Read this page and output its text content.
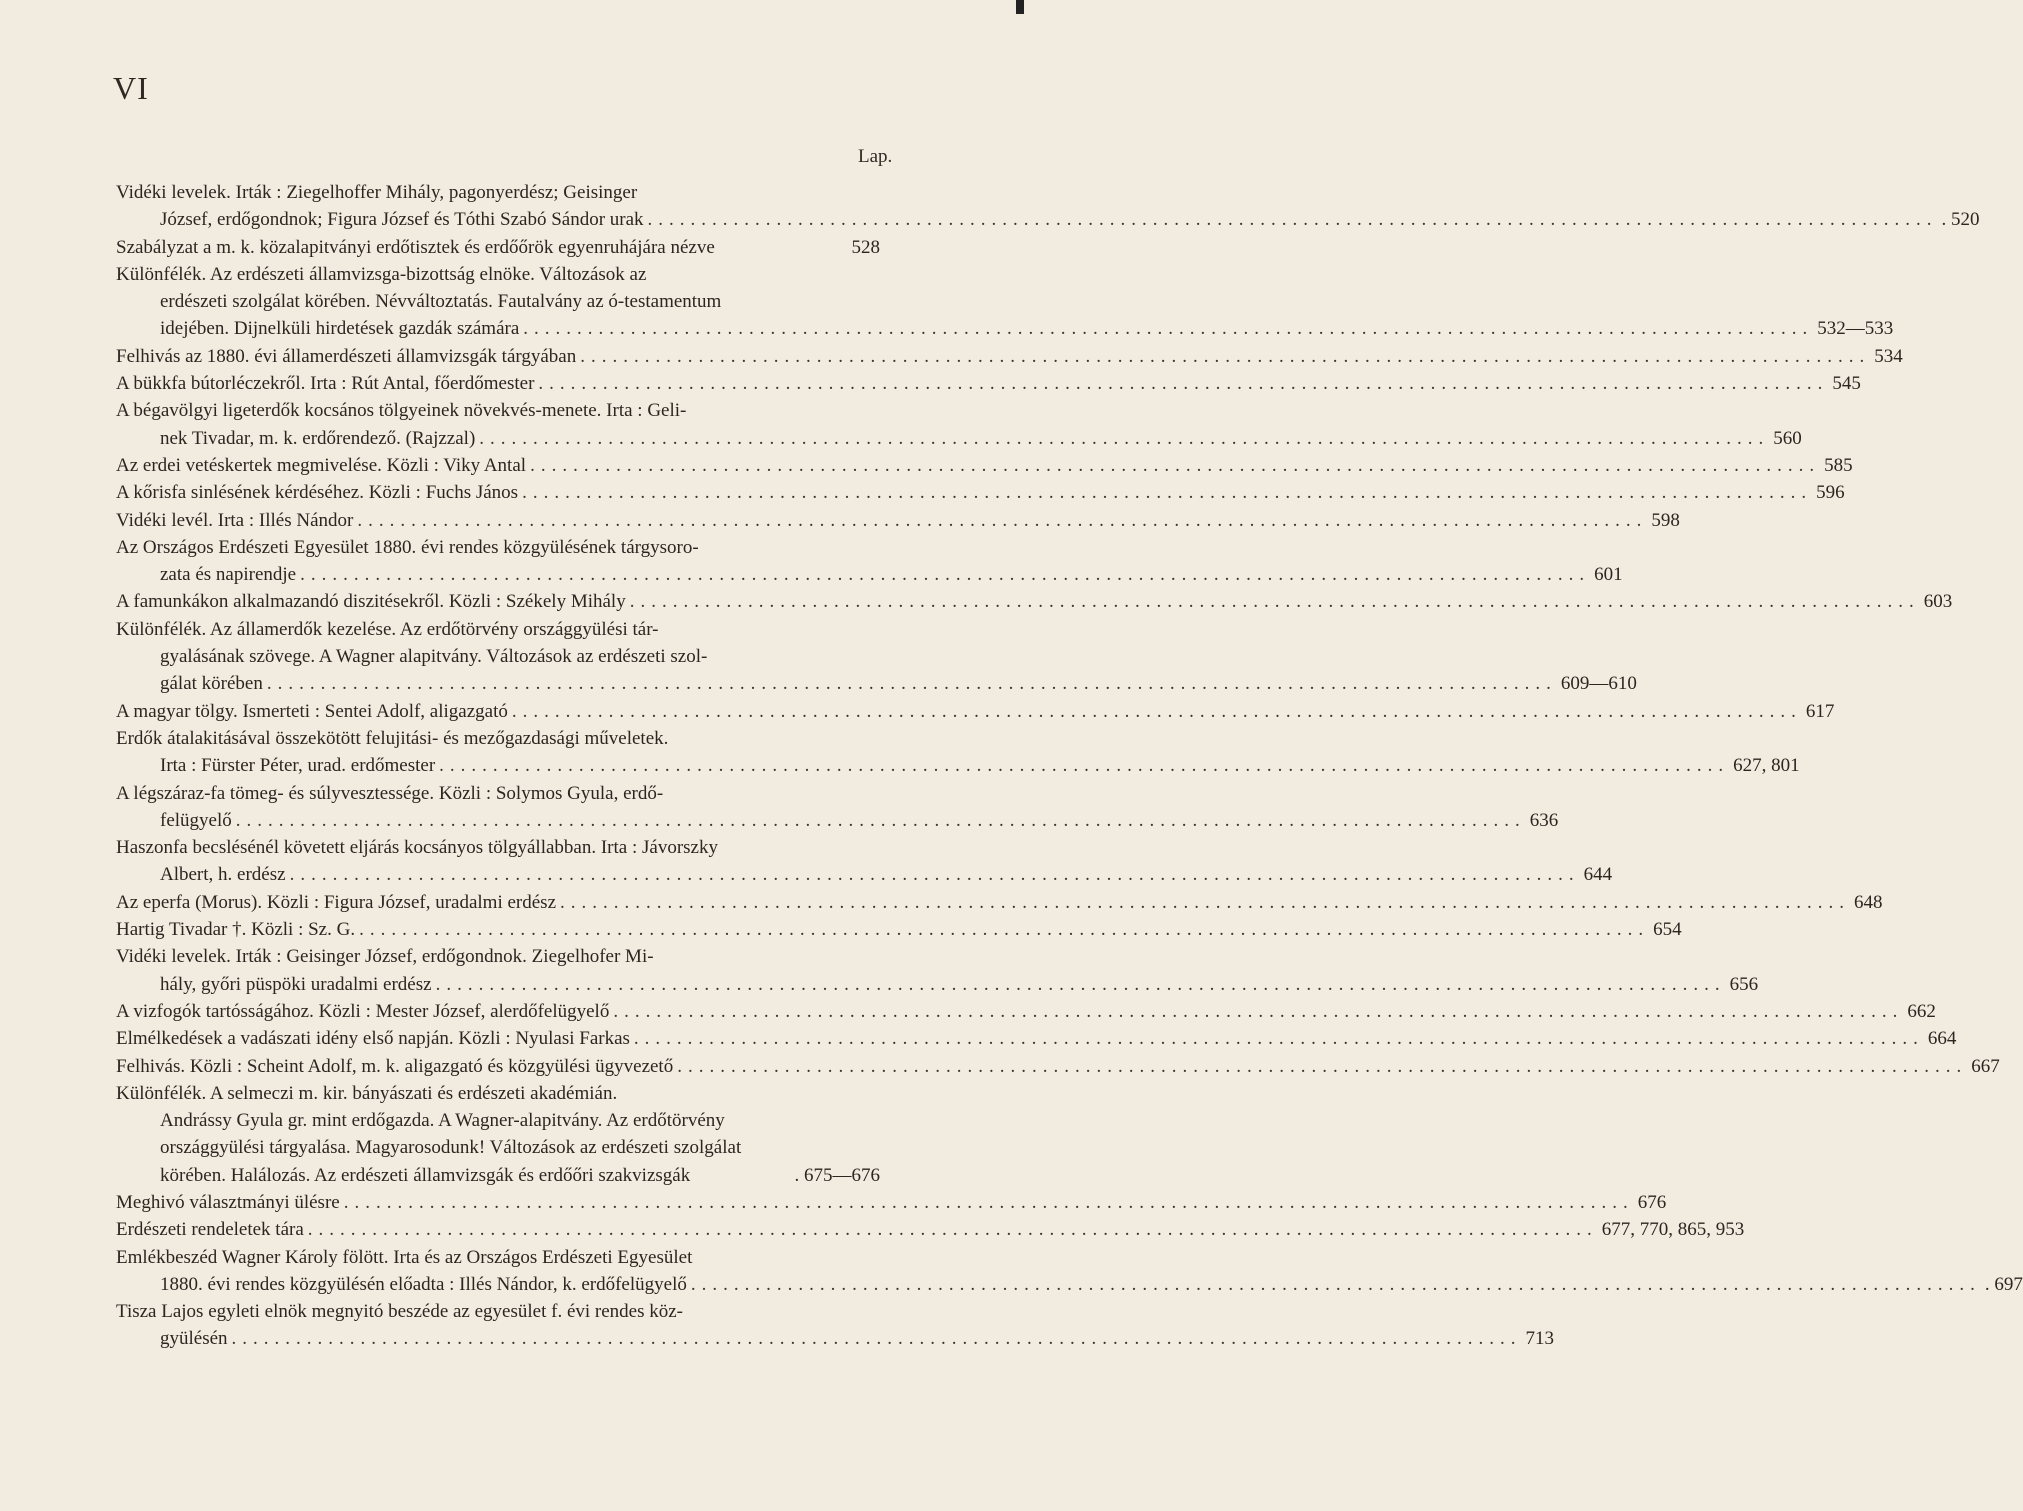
VI
Lap.
Vidéki levelek. Irták : Ziegelhoffer Mihály, pagonyerdész; Geisinger
József, erdőgondnok; Figura József és Tóthi Szabó Sándor urak ........................................................................................................................ . 520
Szabályzat a m. k. közalapitványi erdőtisztek és erdőőrök egyenruhájára nézve	528
Különfélék. Az erdészeti államvizsga-bizottság elnöke. Változások az
erdészeti szolgálat körében. Névváltoztatás. Fautalvány az ó-testamentum
idejében. Dijnelküli hirdetések gazdák számára ........................................................................................................................ 532—533
Felhivás az 1880. évi államerdészeti államvizsgák tárgyában ........................................................................................................................ 534
A bükkfa bútorléczekről. Irta : Rút Antal, főerdőmester ........................................................................................................................ 545
A bégavölgyi ligeterdők kocsános tölgyeinek növekvés-menete. Irta : Geli-
nek Tivadar, m. k. erdőrendező. (Rajzzal) ........................................................................................................................ 560
Az erdei vetéskertek megmivelése. Közli : Viky Antal ........................................................................................................................ 585
A kőrisfa sinlésének kérdéséhez. Közli : Fuchs János ........................................................................................................................ 596
Vidéki levél. Irta : Illés Nándor ........................................................................................................................ 598
Az Országos Erdészeti Egyesület 1880. évi rendes közgyülésének tárgysoro-
zata és napirendje ........................................................................................................................ 601
A famunkákon alkalmazandó diszitésekről. Közli : Székely Mihály ........................................................................................................................ 603
Különfélék. Az államerdők kezelése. Az erdőtörvény országgyülési tár-
gyalásának szövege. A Wagner alapitvány. Változások az erdészeti szol-
gálat körében ........................................................................................................................ 609—610
A magyar tölgy. Ismerteti : Sentei Adolf, aligazgató ........................................................................................................................ 617
Erdők átalakitásával összekötött felujitási- és mezőgazdasági műveletek.
Irta : Fürster Péter, urad. erdőmester ........................................................................................................................ 627, 801
A légszáraz-fa tömeg- és súlyvesztessége. Közli : Solymos Gyula, erdő-
felügyelő ........................................................................................................................ 636
Haszonfa becslésénél követett eljárás kocsányos tölgyállabban. Irta : Jávorszky
Albert, h. erdész ........................................................................................................................ 644
Az eperfa (Morus). Közli : Figura József, uradalmi erdész ........................................................................................................................ 648
Hartig Tivadar †. Közli : Sz. G. ........................................................................................................................ 654
Vidéki levelek. Irták : Geisinger József, erdőgondnok. Ziegelhofer Mi-
hály, győri püspöki uradalmi erdész ........................................................................................................................ 656
A vizfogók tartósságához. Közli : Mester József, alerdőfelügyelő ........................................................................................................................ 662
Elmélkedések a vadászati idény első napján. Közli : Nyulasi Farkas ........................................................................................................................ 664
Felhivás. Közli : Scheint Adolf, m. k. aligazgató és közgyülési ügyvezető ........................................................................................................................ 667
Különfélék. A selmeczi m. kir. bányászati és erdészeti akadémián.
Andrássy Gyula gr. mint erdőgazda. A Wagner-alapitvány. Az erdőtörvény
országgyülési tárgyalása. Magyarosodunk! Változások az erdészeti szolgálat
körében. Halálozás. Az erdészeti államvizsgák és erdőőri szakvizsgák	. 675—676
Meghivó választmányi ülésre ........................................................................................................................ 676
Erdészeti rendeletek tára ........................................................................................................................ 677, 770, 865, 953
Emlékbeszéd Wagner Károly fölött. Irta és az Országos Erdészeti Egyesület
1880. évi rendes közgyülésén előadta : Illés Nándor, k. erdőfelügyelő ........................................................................................................................ . 697
Tisza Lajos egyleti elnök megnyitó beszéde az egyesület f. évi rendes köz-
gyülésén ........................................................................................................................ 713
